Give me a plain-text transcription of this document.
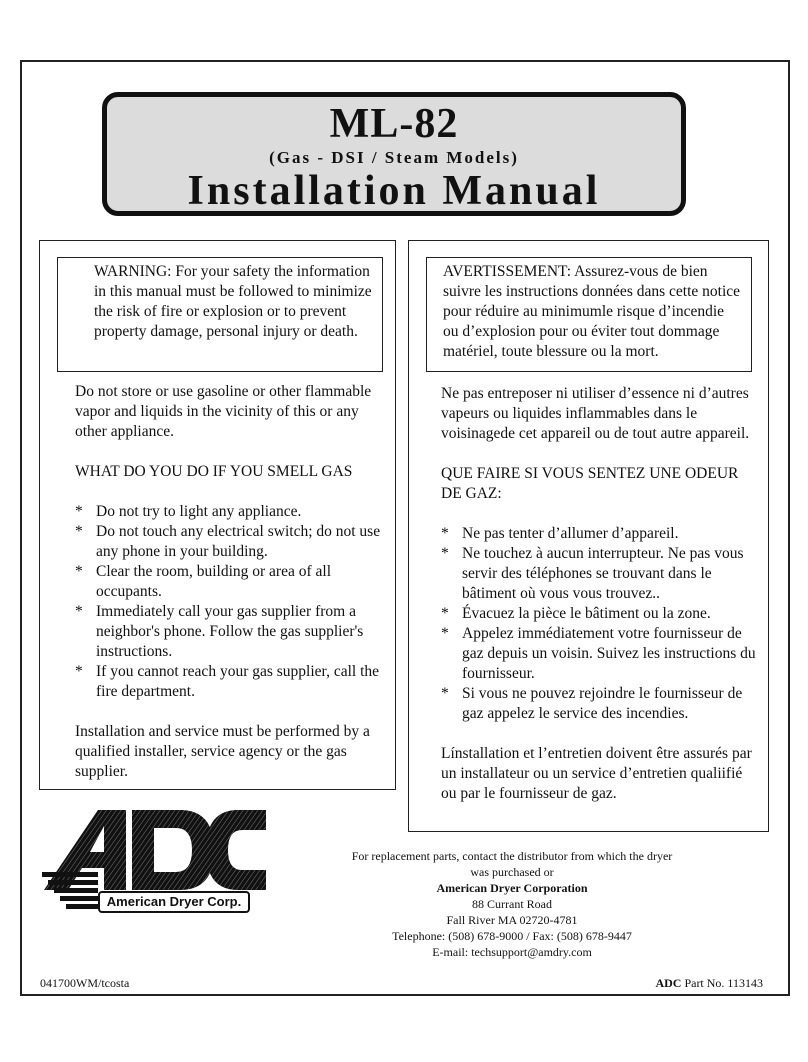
ML-82
(Gas - DSI / Steam Models)
Installation Manual
WARNING: For your safety the information in this manual must be followed to minimize the risk of fire or explosion or to prevent property damage, personal injury or death.
AVERTISSEMENT: Assurez-vous de bien suivre les instructions données dans cette notice pour réduire au minimumle risque d’incendie ou d’explosion pour ou éviter tout dommage matériel, toute blessure ou la mort.

Do not store or use gasoline or other flammable vapor and liquids in the vicinity of this or any other appliance.

WHAT DO YOU DO IF YOU SMELL GAS

* Do not try to light any appliance.
* Do not touch any electrical switch; do not use any phone in your building.
* Clear the room, building or area of all occupants.
* Immediately call your gas supplier from a neighbor's phone. Follow the gas supplier's instructions.
* If you cannot reach your gas supplier, call the fire department.

Installation and service must be performed by a qualified installer, service agency or the gas supplier.

Ne pas entreposer ni utiliser d’essence ni d’autres vapeurs ou liquides inflammables dans le voisinagede cet appareil ou de tout autre appareil.

QUE FAIRE SI VOUS SENTEZ UNE ODEUR DE GAZ:

* Ne pas tenter d’allumer d’appareil.
* Ne touchez à aucun interrupteur. Ne pas vous servir des téléphones se trouvant dans le bâtiment où vous vous trouvez..
* Évacuez la pièce le bâtiment ou la zone.
* Appelez immédiatement votre fournisseur de gaz depuis un voisin. Suivez les instructions du fournisseur.
* Si vous ne pouvez rejoindre le fournisseur de gaz appelez le service des incendies.

Línstallation et l’entretien doivent être assurés par un installateur ou un service d’entretien qualiifié ou par le fournisseur de gaz.

American Dryer Corp.
®
For replacement parts, contact the distributor from which the dryer
was purchased or
American Dryer Corporation
88 Currant Road
Fall River MA 02720-4781
Telephone: (508) 678-9000 / Fax: (508) 678-9447
E-mail: techsupport@amdry.com
041700WM/tcosta	ADC Part No. 113143
